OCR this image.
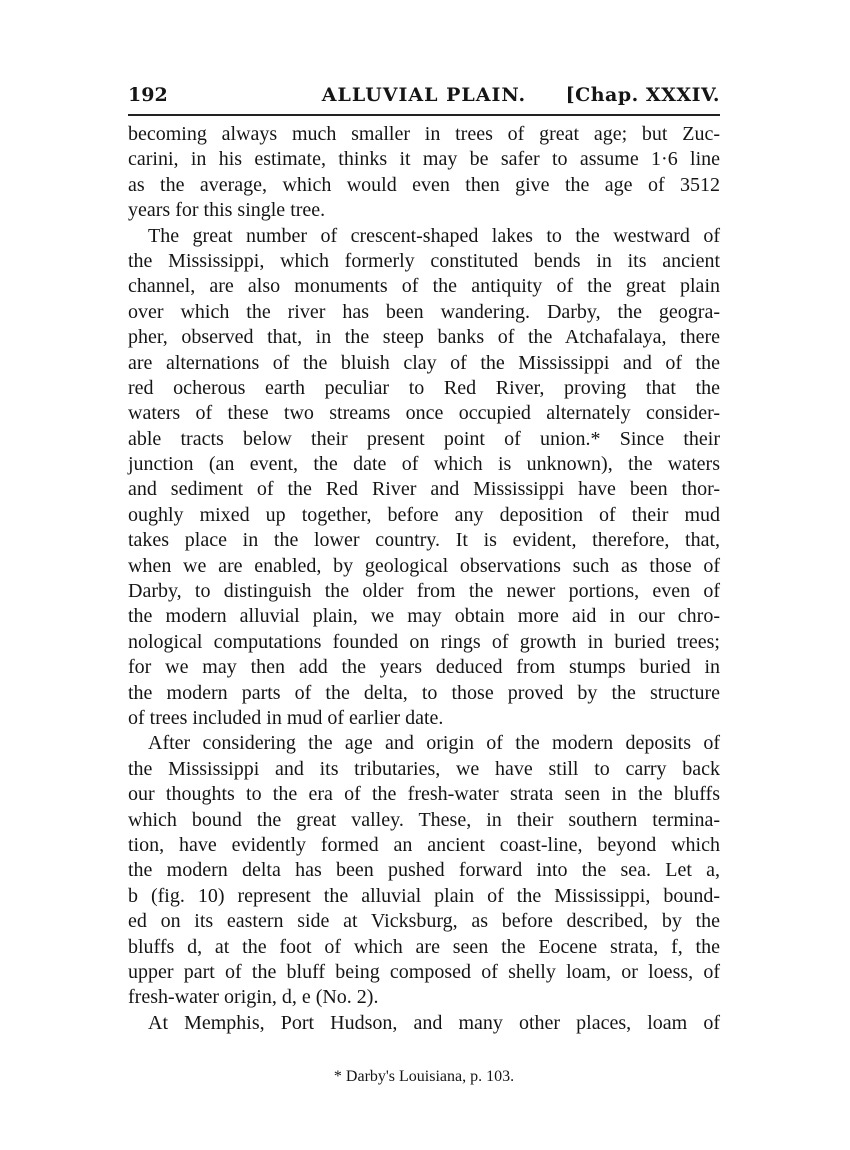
192	ALLUVIAL PLAIN.	[Chap. XXXIV.
becoming always much smaller in trees of great age; but Zuc-
carini, in his estimate, thinks it may be safer to assume 1·6 line
as the average, which would even then give the age of 3512
years for this single tree.
The great number of crescent-shaped lakes to the westward of
the Mississippi, which formerly constituted bends in its ancient
channel, are also monuments of the antiquity of the great plain
over which the river has been wandering. Darby, the geogra-
pher, observed that, in the steep banks of the Atchafalaya, there
are alternations of the bluish clay of the Mississippi and of the
red ocherous earth peculiar to Red River, proving that the
waters of these two streams once occupied alternately consider-
able tracts below their present point of union.* Since their
junction (an event, the date of which is unknown), the waters
and sediment of the Red River and Mississippi have been thor-
oughly mixed up together, before any deposition of their mud
takes place in the lower country. It is evident, therefore, that,
when we are enabled, by geological observations such as those of
Darby, to distinguish the older from the newer portions, even of
the modern alluvial plain, we may obtain more aid in our chro-
nological computations founded on rings of growth in buried trees;
for we may then add the years deduced from stumps buried in
the modern parts of the delta, to those proved by the structure
of trees included in mud of earlier date.
After considering the age and origin of the modern deposits of
the Mississippi and its tributaries, we have still to carry back
our thoughts to the era of the fresh-water strata seen in the bluffs
which bound the great valley. These, in their southern termina-
tion, have evidently formed an ancient coast-line, beyond which
the modern delta has been pushed forward into the sea. Let a,
b (fig. 10) represent the alluvial plain of the Mississippi, bound-
ed on its eastern side at Vicksburg, as before described, by the
bluffs d, at the foot of which are seen the Eocene strata, f, the
upper part of the bluff being composed of shelly loam, or loess, of
fresh-water origin, d, e (No. 2).
At Memphis, Port Hudson, and many other places, loam of
* Darby's Louisiana, p. 103.
